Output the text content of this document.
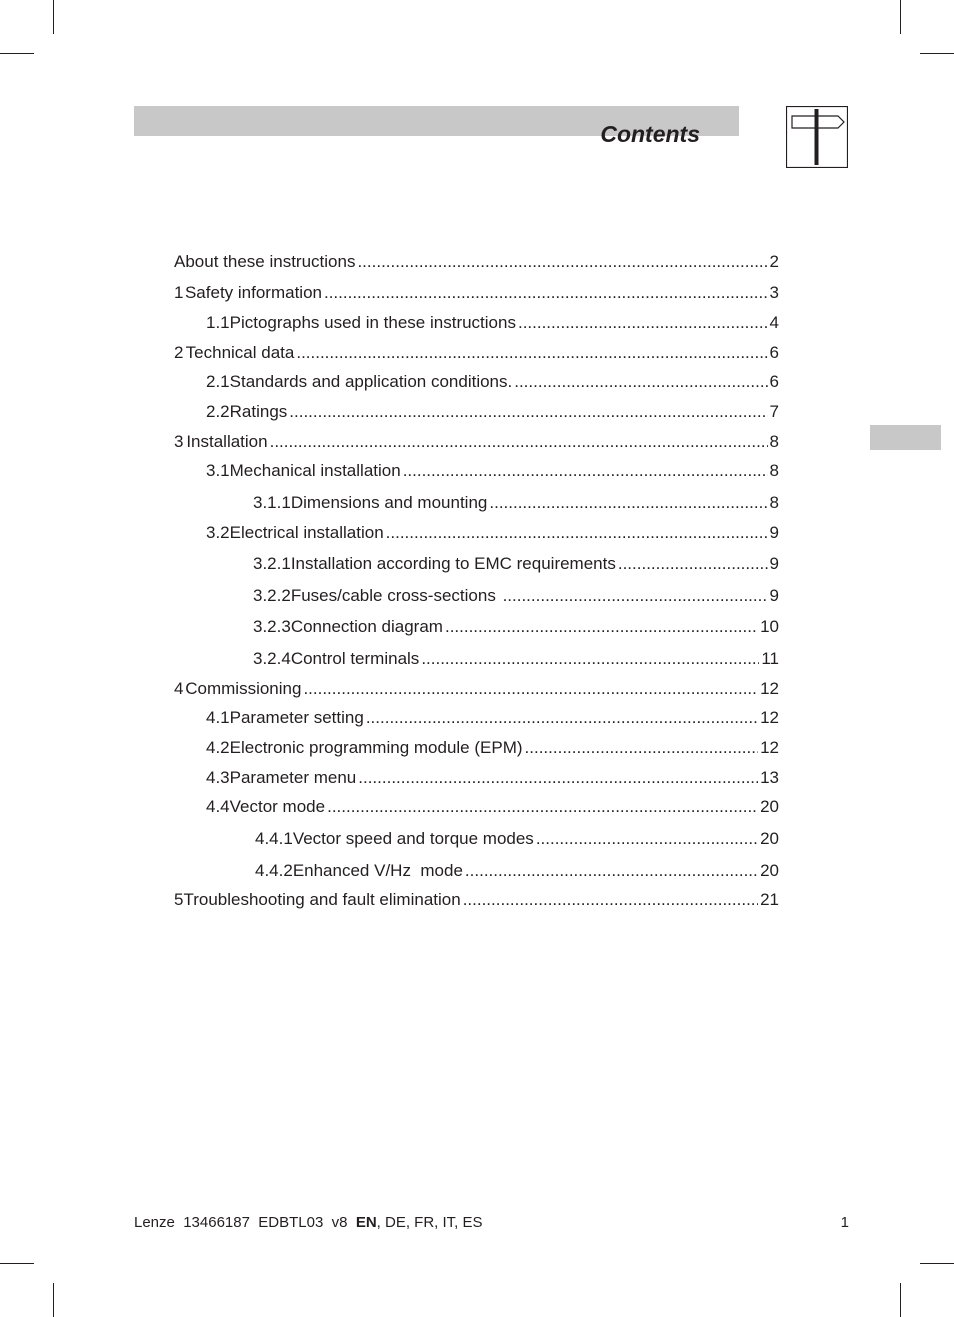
Contents
About these instructions .....	2
1 Safety information .....	3
1.1 Pictographs used in these instructions .....	4
2 Technical data .....	6
2.1 Standards and application conditions. .....	6
2.2 Ratings .....	7
3 Installation .....	8
3.1 Mechanical installation .....	8
3.1.1 Dimensions and mounting .....	8
3.2 Electrical installation .....	9
3.2.1 Installation according to EMC requirements .....	9
3.2.2 Fuses/cable cross-sections .....	9
3.2.3 Connection diagram .....	10
3.2.4 Control terminals .....	11
4 Commissioning .....	12
4.1 Parameter setting .....	12
4.2 Electronic programming module (EPM) .....	12
4.3 Parameter menu .....	13
4.4 Vector mode .....	20
4.4.1 Vector speed and torque modes .....	20
4.4.2 Enhanced V/Hz  mode .....	20
5 Troubleshooting and fault elimination .....	21
Lenze  13466187  EDBTL03  v8  EN, DE, FR, IT, ES	1
